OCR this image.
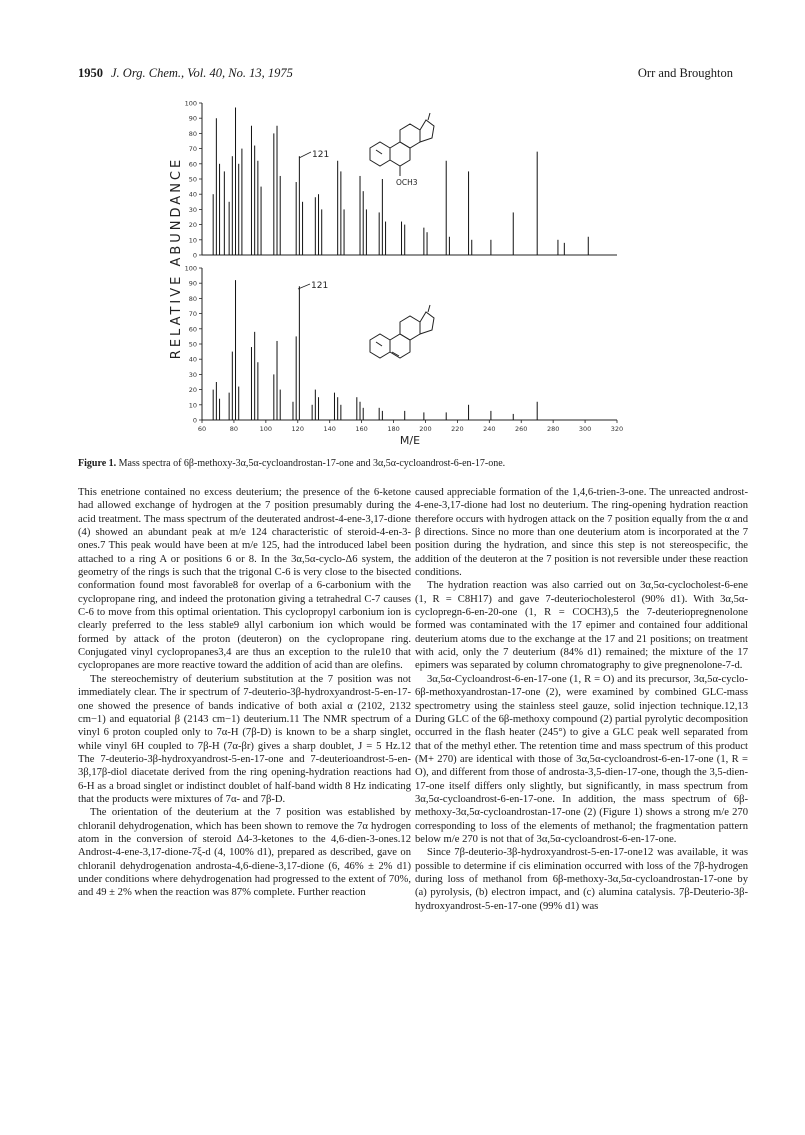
1950 J. Org. Chem., Vol. 40, No. 13, 1975	Orr and Broughton
RELATIVE ABUNDANCE 0
10
20
30
40
50
60
70
80
90
100
0
10
20
30
40
50
60
70
80
90
100
60	80	100	120	140	160	180	200	220	240	260	280	300	320
M/E
121
OCH3
121
Figure 1. Mass spectra of 6β-methoxy-3α,5α-cycloandrostan-17-one and 3α,5α-cycloandrost-6-en-17-one.

This enetrione contained no excess deuterium; the presence of the 6-ketone had allowed exchange of hydrogen at the 7 position presumably during the acid treatment. The mass spectrum of the deuterated androst-4-ene-3,17-dione (4) showed an abundant peak at m/e 124 characteristic of steroid-4-en-3-ones.7 This peak would have been at m/e 125, had the introduced label been attached to a ring A or positions 6 or 8. In the 3α,5α-cyclo-Δ6 system, the geometry of the rings is such that the trigonal C-6 is very close to the bisected conformation found most favorable8 for overlap of a 6-carbonium with the cyclopropane ring, and indeed the protonation giving a tetrahedral C-7 causes C-6 to move from this optimal orientation. This cyclopropyl carbonium ion is clearly preferred to the less stable9 allyl carbonium ion which would be formed by attack of the proton (deuteron) on the cyclopropane ring. Conjugated vinyl cyclopropanes3,4 are thus an exception to the rule10 that cyclopropanes are more reactive toward the addition of acid than are olefins.

The stereochemistry of deuterium substitution at the 7 position was not immediately clear. The ir spectrum of 7-deuterio-3β-hydroxyandrost-5-en-17-one showed the presence of bands indicative of both axial α (2102, 2132 cm−1) and equatorial β (2143 cm−1) deuterium.11 The NMR spectrum of a vinyl 6 proton coupled only to 7α-H (7β-D) is known to be a sharp singlet, while vinyl 6H coupled to 7β-H (7α-βr) gives a sharp doublet, J = 5 Hz.12 The 7-deuterio-3β-hydroxyandrost-5-en-17-one and 7-deuterioandrost-5-en-3β,17β-diol diacetate derived from the ring opening-hydration reactions had 6-H as a broad singlet or indistinct doublet of half-band width 8 Hz indicating that the products were mixtures of 7α- and 7β-D.

The orientation of the deuterium at the 7 position was established by chloranil dehydrogenation, which has been shown to remove the 7α hydrogen atom in the conversion of steroid Δ4-3-ketones to the 4,6-dien-3-ones.12 Androst-4-ene-3,17-dione-7ξ-d (4, 100% d1), prepared as described, gave on chloranil dehydrogenation androsta-4,6-diene-3,17-dione (6, 46% ± 2% d1) under conditions where dehydrogenation had progressed to the extent of 70%, and 49 ± 2% when the reaction was 87% complete. Further reaction

caused appreciable formation of the 1,4,6-trien-3-one. The unreacted androst-4-ene-3,17-dione had lost no deuterium. The ring-opening hydration reaction therefore occurs with hydrogen attack on the 7 position equally from the α and β directions. Since no more than one deuterium atom is incorporated at the 7 position during the hydration, and since this step is not stereospecific, the addition of the deuteron at the 7 position is not reversible under these reaction conditions.

The hydration reaction was also carried out on 3α,5α-cyclocholest-6-ene (1, R = C8H17) and gave 7-deuteriocholesterol (90% d1). With 3α,5α-cyclopregn-6-en-20-one (1, R = COCH3),5 the 7-deuteriopregnenolone formed was contaminated with the 17 epimer and contained four additional deuterium atoms due to the exchange at the 17 and 21 positions; on treatment with acid, only the 7 deuterium (84% d1) remained; the mixture of the 17 epimers was separated by column chromatography to give pregnenolone-7-d.

3α,5α-Cycloandrost-6-en-17-one (1, R = O) and its precursor, 3α,5α-cyclo-6β-methoxyandrostan-17-one (2), were examined by combined GLC-mass spectrometry using the stainless steel gauze, solid injection technique.12,13 During GLC of the 6β-methoxy compound (2) partial pyrolytic decomposition occurred in the flash heater (245°) to give a GLC peak well separated from that of the methyl ether. The retention time and mass spectrum of this product (M+ 270) are identical with those of 3α,5α-cycloandrost-6-en-17-one (1, R = O), and different from those of androsta-3,5-dien-17-one, though the 3,5-dien-17-one itself differs only slightly, but significantly, in mass spectrum from 3α,5α-cycloandrost-6-en-17-one. In addition, the mass spectrum of 6β-methoxy-3α,5α-cycloandrostan-17-one (2) (Figure 1) shows a strong m/e 270 corresponding to loss of the elements of methanol; the fragmentation pattern below m/e 270 is not that of 3α,5α-cycloandrost-6-en-17-one.

Since 7β-deuterio-3β-hydroxyandrost-5-en-17-one12 was available, it was possible to determine if cis elimination occurred with loss of the 7β-hydrogen during loss of methanol from 6β-methoxy-3α,5α-cycloandrostan-17-one by (a) pyrolysis, (b) electron impact, and (c) alumina catalysis. 7β-Deuterio-3β-hydroxyandrost-5-en-17-one (99% d1) was
